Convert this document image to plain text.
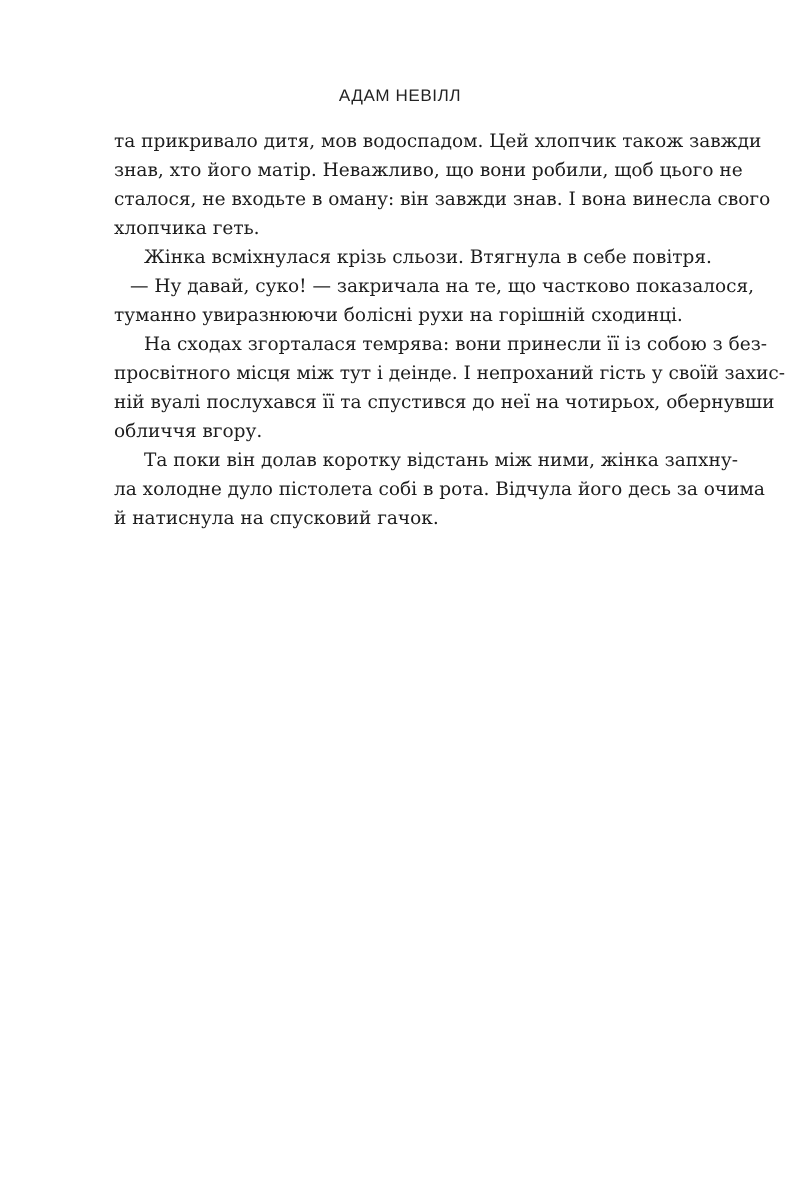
АДАМ НЕВІЛЛ
та прикривало дитя, мов водоспадом. Цей хлопчик також завжди
знав, хто його матір. Неважливо, що вони робили, щоб цього не
сталося, не входьте в оману: він завжди знав. І вона винесла свого
хлопчика геть.
Жінка всміхнулася крізь сльози. Втягнула в себе повітря.
— Ну давай, суко! — закричала на те, що частково показалося,
туманно увиразнюючи болісні рухи на горішній сходинці.
На сходах згорталася темрява: вони принесли її із собою з без-
просвітного місця між тут і деінде. І непроханий гість у своїй захис-
ній вуалі послухався її та спустився до неї на чотирьох, обернувши
обличчя вгору.
Та поки він долав коротку відстань між ними, жінка запхну-
ла холодне дуло пістолета собі в рота. Відчула його десь за очима
й натиснула на спусковий гачок.
